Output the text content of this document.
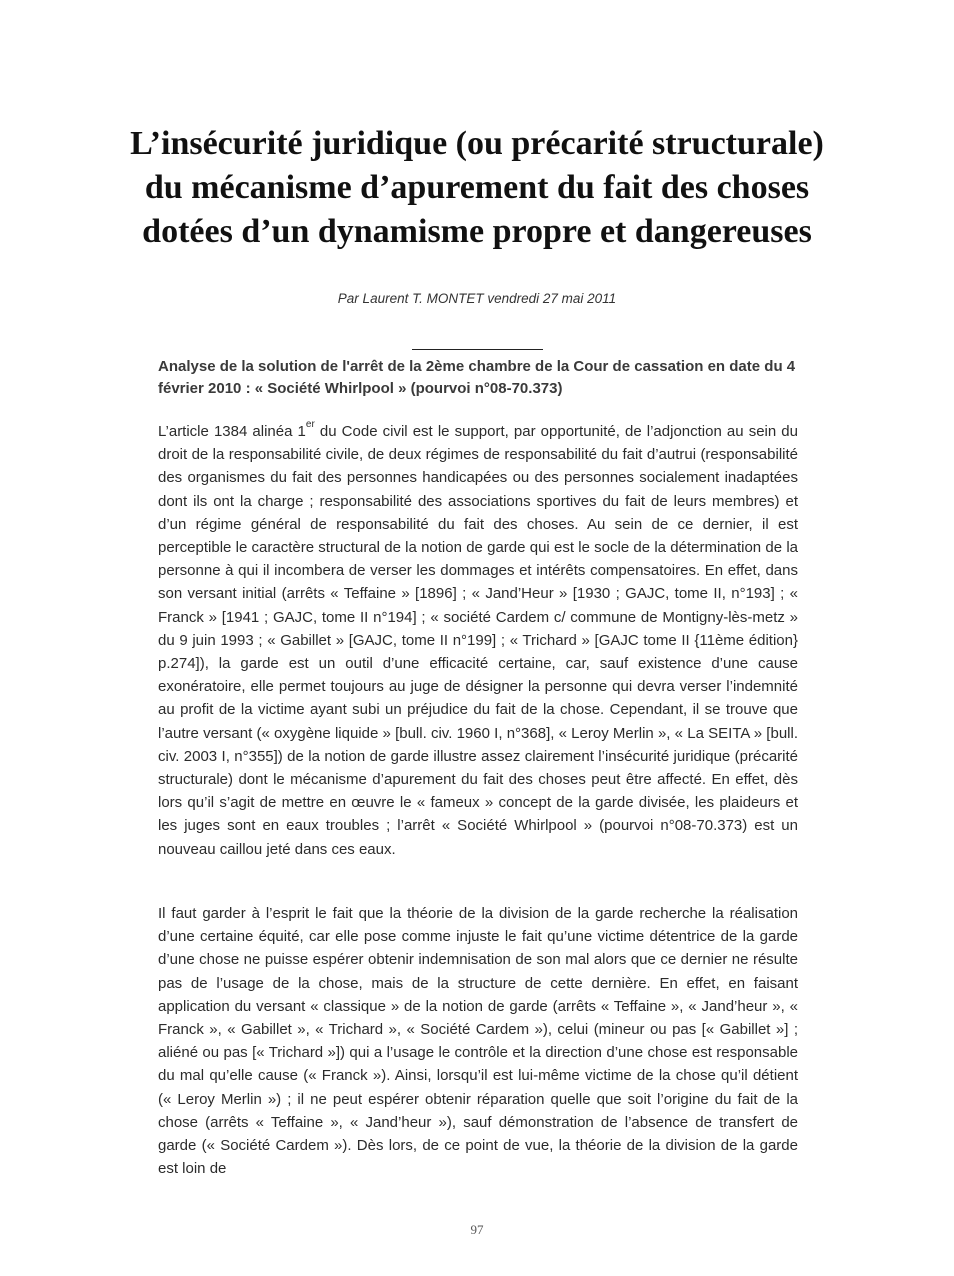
L’insécurité juridique (ou précarité structurale) du mécanisme d’apurement du fait des choses dotées d’un dynamisme propre et dangereuses
Par Laurent T. MONTET vendredi 27 mai 2011

Analyse de la solution de l'arrêt de la 2ème chambre de la Cour de cassation en date du 4 février 2010 : « Société Whirlpool » (pourvoi n°08-70.373)

L’article 1384 alinéa 1er du Code civil est le support, par opportunité, de l’adjonction au sein du droit de la responsabilité civile, de deux régimes de responsabilité du fait d’autrui (responsabilité des organismes du fait des personnes handicapées ou des personnes socialement inadaptées dont ils ont la charge ; responsabilité des associations sportives du fait de leurs membres) et d’un régime général de responsabilité du fait des choses. Au sein de ce dernier, il est perceptible le caractère structural de la notion de garde qui est le socle de la détermination de la personne à qui il incombera de verser les dommages et intérêts compensatoires. En effet, dans son versant initial (arrêts « Teffaine » [1896] ; « Jand’Heur » [1930 ; GAJC, tome II, n°193] ; « Franck » [1941 ; GAJC, tome II n°194] ; « société Cardem c/ commune de Montigny-lès-metz » du 9 juin 1993 ; « Gabillet » [GAJC, tome II n°199] ; « Trichard » [GAJC tome II {11ème édition} p.274]), la garde est un outil d’une efficacité certaine, car, sauf existence d’une cause exonératoire, elle permet toujours au juge de désigner la personne qui devra verser l’indemnité au profit de la victime ayant subi un préjudice du fait de la chose. Cependant, il se trouve que l’autre versant (« oxygène liquide » [bull. civ. 1960 I, n°368], « Leroy Merlin », « La SEITA » [bull. civ. 2003 I, n°355]) de la notion de garde illustre assez clairement l’insécurité juridique (précarité structurale) dont le mécanisme d’apurement du fait des choses peut être affecté. En effet, dès lors qu’il s’agit de mettre en œuvre le « fameux » concept de la garde divisée, les plaideurs et les juges sont en eaux troubles ; l’arrêt « Société Whirlpool » (pourvoi n°08-70.373) est un nouveau caillou jeté dans ces eaux.

Il faut garder à l’esprit le fait que la théorie de la division de la garde recherche la réalisation d’une certaine équité, car elle pose comme injuste le fait qu’une victime détentrice de la garde d’une chose ne puisse espérer obtenir indemnisation de son mal alors que ce dernier ne résulte pas de l’usage de la chose, mais de la structure de cette dernière. En effet, en faisant application du versant « classique » de la notion de garde (arrêts « Teffaine », « Jand’heur », « Franck », « Gabillet », « Trichard », « Société Cardem »), celui (mineur ou pas [« Gabillet »] ; aliéné ou pas [« Trichard »]) qui a l’usage le contrôle et la direction d’une chose est responsable du mal qu’elle cause (« Franck »). Ainsi, lorsqu’il est lui-même victime de la chose qu’il détient (« Leroy Merlin ») ; il ne peut espérer obtenir réparation quelle que soit l’origine du fait de la chose (arrêts « Teffaine », « Jand’heur »), sauf démonstration de l’absence de transfert de garde (« Société Cardem »). Dès lors, de ce point de vue, la théorie de la division de la garde est loin de

97
